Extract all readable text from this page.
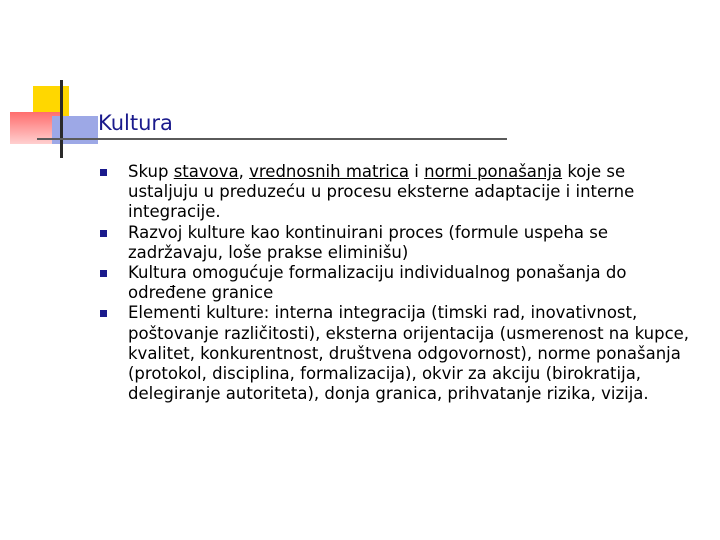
Kultura
Skup stavova, vrednosnih matrica i normi ponašanja koje se ustaljuju u preduzeću u procesu eksterne adaptacije i interne integracije.
Razvoj kulture kao kontinuirani proces (formule uspeha se zadržavaju, loše prakse eliminišu)
Kultura omogućuje formalizaciju individualnog ponašanja do određene granice
Elementi kulture: interna integracija (timski rad, inovativnost, poštovanje različitosti), eksterna orijentacija (usmerenost na kupce, kvalitet, konkurentnost, društvena odgovornost), norme ponašanja (protokol, disciplina, formalizacija), okvir za akciju (birokratija, delegiranje autoriteta), donja granica, prihvatanje rizika, vizija.
